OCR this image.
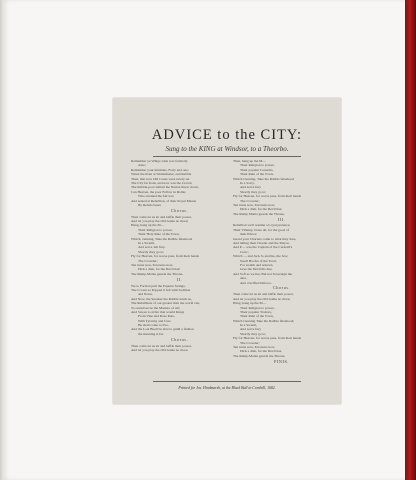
ADVICE to the CITY:
Sung to the KING at Windsor, to a Theorbo.
Remember ye Whigs what was formerly
done;
Remember your mutinies, Forty and one;
When the Rout at Westminster, and Rabble
Then, that now Old Cause were newly set
The City far from, and now was the Crown;
The Rabble-poor tumult the Nation threw down,
Can Heaven, the poor Fellow in Dollar,
Who strained the fair lost
And seized at Rebellion, of their Royal Master
By Rebels beset.
Chorus.
Then come let us sit and baffle their power,
And let you play the Old Game no more;
Hang, hang up the M—
Their Religion to power,
Their Holy Rule of the Town,
Which, cunning, Take the Rabble falsehood
In a Swarm,
And serve 'em fury.
Shortly they go to;
Fly for Heaven, for worse pass, from their hands
The Crowder;
Ten turns now, Ten turns now,
Dick a dish, for the Devil has!
The Rump-Mania guards the Throne.
II.
We to Faction pull the Popular Strings,
The Crown so Popped it felt with Sedition
and Noise,
And Now, the Speaker the Rabble lends us,
The Rebellions of our greater than the world can,
To ourselves be the Masters of wit;
And Sawes to strive that would Kings
From Vine and Rose Rats,
With Tyranny and Care
He shall come to live,
And the Lost Buell be shot to guild a fashion
the meaning is far.
Chorus.
Then come let us sit and baffle their power,
And let you play the Old Game no more.
Then, hang up the M—
Their Religion to power,
Their popular Councils,
Their Rule of the Town,
Which Cunning, Take the Rabble falsehood
In a Sorry,
And serve fury
Shortly they go to;
Fly for Heaven, for worse pass, from their hands
The Crowder;
Ten turns now, Ten turns now,
Dick a dish, for the Devil has;
The Rump Mania guards the Throne.
III.
Rebellion we'll resume a Loyal pretence;
Their Villainy, brave all, for the good of
their Prince;
Guard your Charters come to what they dare,
And telling their Charter and the Mayor,
And P— was the Captain of the Cuckold's
Crew;
Which — and Jack Jo and the, the Jew;
Swell Hoofer of the Town
For wealth and renown,
Give the Devil his due,
And Soft as we list, But not Sovereign the
dare,
And crucified him too.
Chorus.
Then come let us sit and baffle their power,
And let you play the Old Game no more;
Hang, hang up the M—
Their Religion to power,
Their popular Traitors,
Their Rule of the Town,
Which Cunning Take the Rabble falsehood;
In a Swarm,
And serve fury
Shortly they go to;
Fly for Heaven, for worse pass, from their hands
The Crowder;
Ten turns now, Ten turns now,
Dick a dish, for the Devil has,
The Rump-Mania guards the Throne.
FINIS.
Printed for Jos. Hindmarsh, at the Black Bull in Cornhill, 1682.
